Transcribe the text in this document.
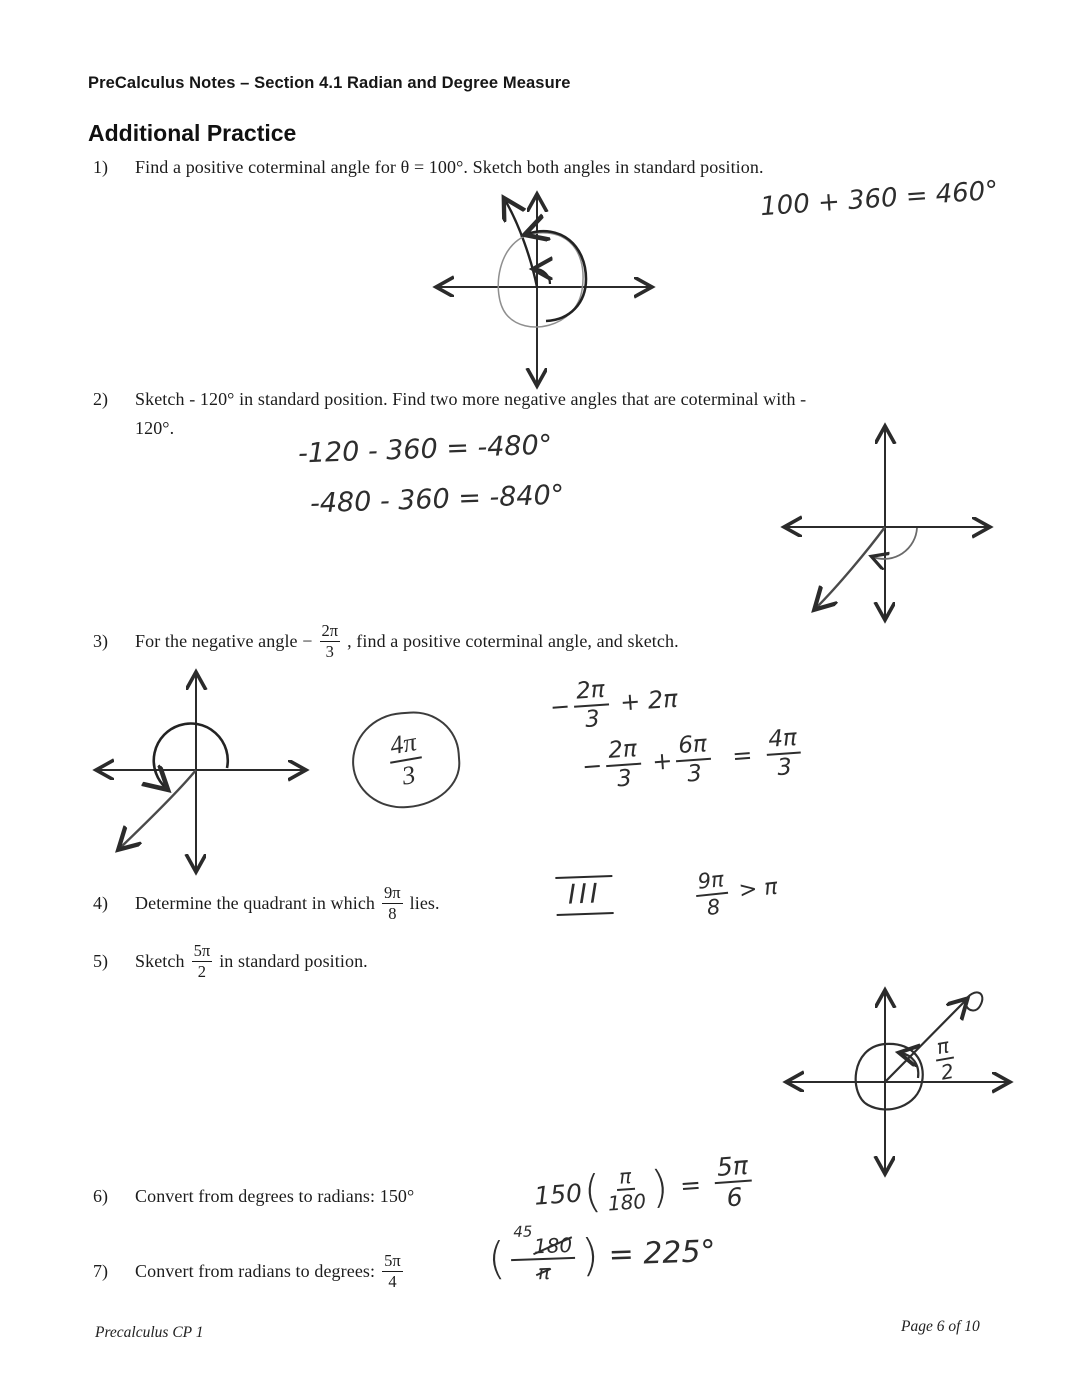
PreCalculus Notes – Section 4.1 Radian and Degree Measure
Additional Practice
1)	Find a positive coterminal angle for θ = 100°. Sketch both angles in standard position.
100 + 360 = 460°
2)	Sketch - 120° in standard position. Find two more negative angles that are coterminal with -
120°.
-120 - 360 = -480°
-480 - 360 = -840°
3)	For the negative angle − $\frac{2\pi}{3}$ , find a positive coterminal angle, and sketch.
$\frac{4\pi}{3}$
− $\frac{2\pi}{3} + 2\pi$
− $\frac{2\pi}{3} + \frac{6\pi}{3} = \frac{4\pi}{3}$
4)	Determine the quadrant in which $\frac{9\pi}{8}$ lies.	III	$\frac{9\pi}{8} > \pi$
5)	Sketch $\frac{5\pi}{2}$ in standard position.
$\frac{\pi}{2}$
6)	Convert from degrees to radians: 150°	150 ( $\frac{\pi}{180}$ ) = $\frac{5\pi}{6}$
7)	Convert from radians to degrees: $\frac{5\pi}{4}$ ( $\frac{^{45}180}{\pi}$ ) = 225°
Precalculus CP 1	Page 6 of 10
